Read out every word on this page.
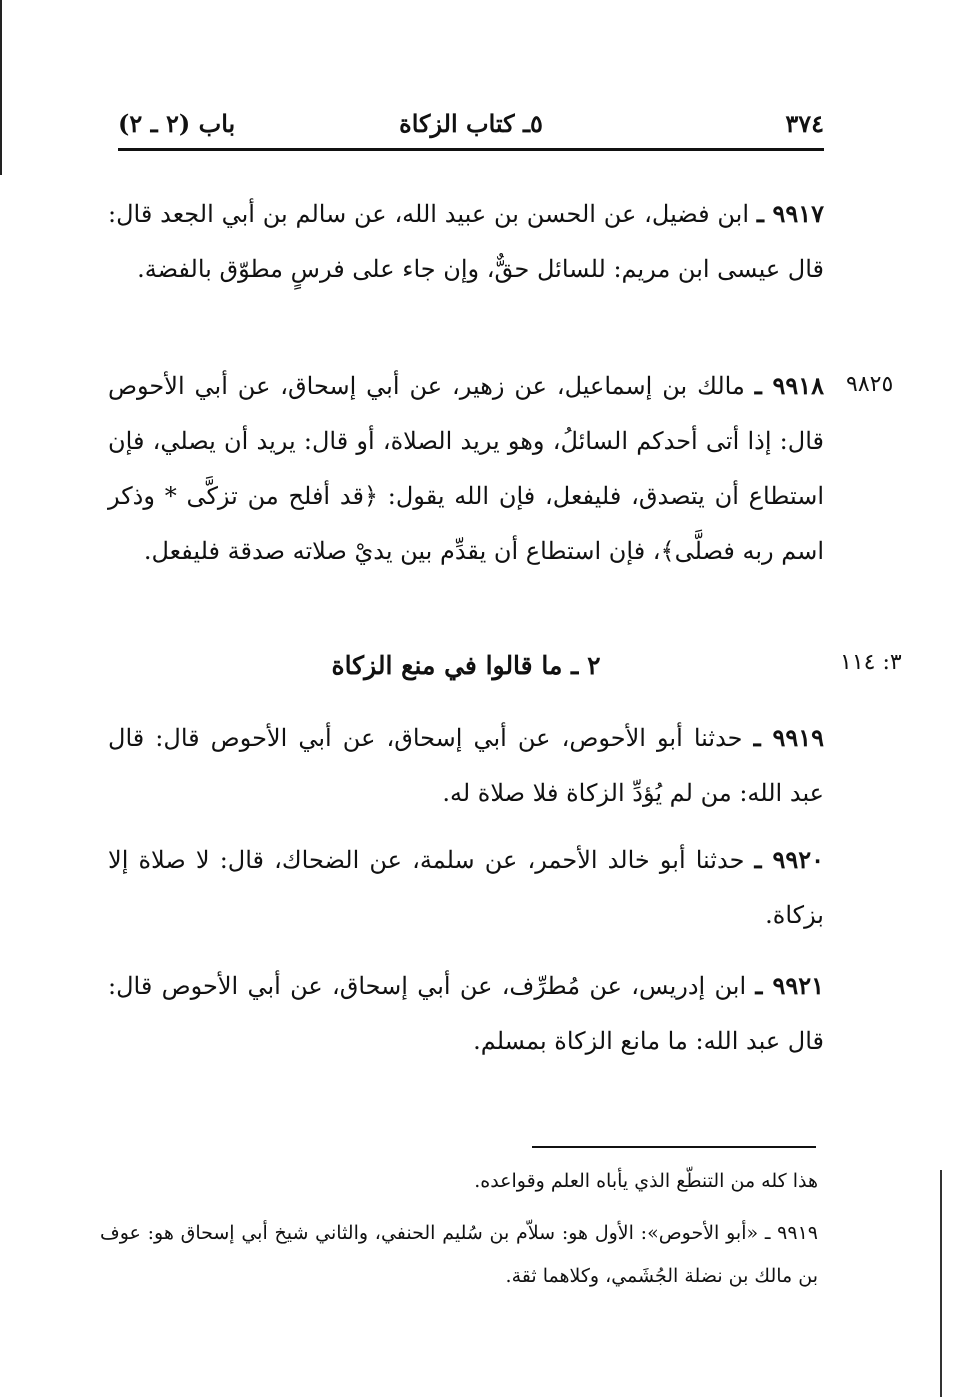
٣٧٤
٥ـ كتاب الزكاة
باب (٢ ـ ٢)

٩٩١٧ ـ ابن فضيل، عن الحسن بن عبيد الله، عن سالم بن أبي الجعد قال: قال عيسى ابن مريم: للسائل حقٌّ، وإن جاء على فرسٍ مطوّق بالفضة.

٩٨٢٥

٩٩١٨ ـ مالك بن إسماعيل، عن زهير، عن أبي إسحاق، عن أبي الأحوص قال: إذا أتى أحدكم السائلُ، وهو يريد الصلاة، أو قال: يريد أن يصلي، فإن استطاع أن يتصدق، فليفعل، فإن الله يقول: ﴿قد أفلح من تزكَّى * وذكر اسم ربه فصلَّى﴾، فإن استطاع أن يقدِّم بين يديْ صلاته صدقة فليفعل.

٣: ١١٤
٢ ـ ما قالوا في منع الزكاة

٩٩١٩ ـ حدثنا أبو الأحوص، عن أبي إسحاق، عن أبي الأحوص قال: قال عبد الله: من لم يُؤدِّ الزكاة فلا صلاة له.

٩٩٢٠ ـ حدثنا أبو خالد الأحمر، عن سلمة، عن الضحاك، قال: لا صلاة إلا بزكاة.

٩٩٢١ ـ ابن إدريس، عن مُطرِّف، عن أبي إسحاق، عن أبي الأحوص قال: قال عبد الله: ما مانع الزكاة بمسلم.

هذا كله من التنطّع الذي يأباه العلم وقواعده.

٩٩١٩ ـ «أبو الأحوص»: الأول هو: سلاّم بن سُليم الحنفي، والثاني شيخ أبي إسحاق هو: عوف بن مالك بن نضلة الجُشَمي، وكلاهما ثقة.
